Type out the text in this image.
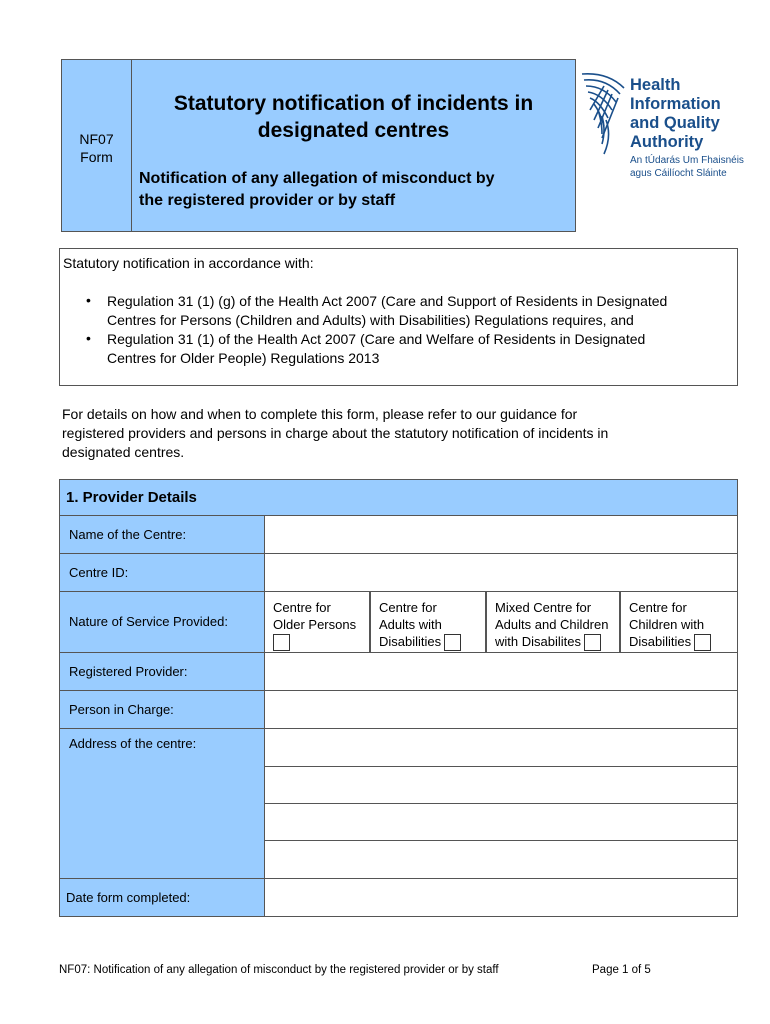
NF07
Form
Statutory notification of incidents in
designated centres
Notification of any allegation of misconduct by
the registered provider or by staff
Health
Information
and Quality
Authority
An tÚdarás Um Fhaisnéis
agus Cáilíocht Sláinte
Statutory notification in accordance with:
• Regulation 31 (1) (g) of the Health Act 2007 (Care and Support of Residents in Designated
Centres for Persons (Children and Adults) with Disabilities) Regulations requires, and
• Regulation 31 (1) of the Health Act 2007 (Care and Welfare of Residents in Designated
Centres for Older People) Regulations 2013
For details on how and when to complete this form, please refer to our guidance for
registered providers and persons in charge about the statutory notification of incidents in
designated centres.
1. Provider Details
Name of the Centre:
Centre ID:
Nature of Service Provided:
Centre for
Older Persons
Centre for
Adults with
Disabilities
Mixed Centre for
Adults and Children
with Disabilites
Centre for
Children with
Disabilities
Registered Provider:
Person in Charge:
Address of the centre:
Date form completed:
NF07: Notification of any allegation of misconduct by the registered provider or by staff	Page 1 of 5
